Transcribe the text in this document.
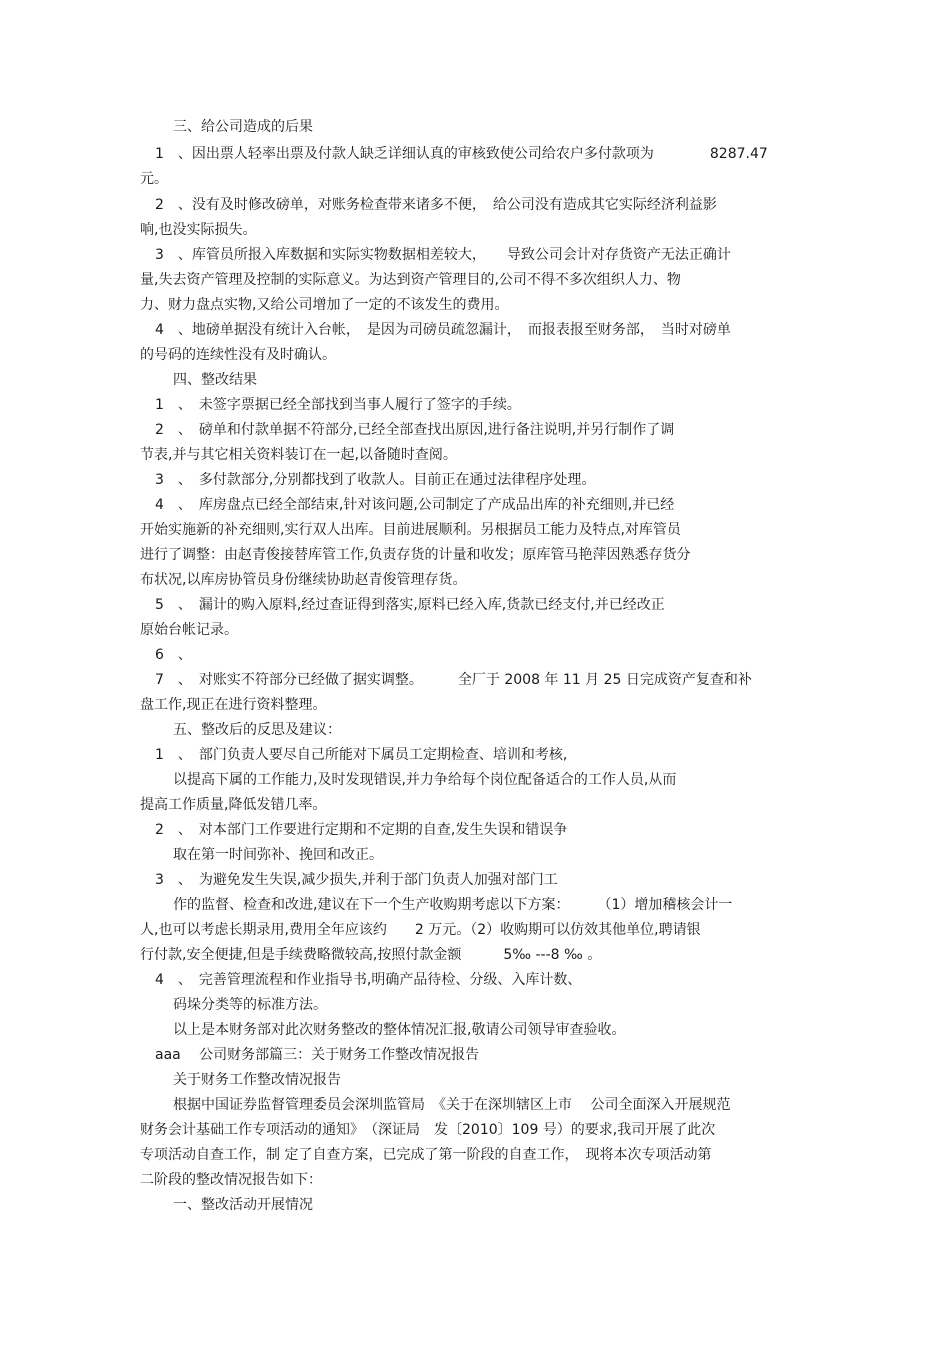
三、给公司造成的后果
1　、因出票人轻率出票及付款人缺乏详细认真的审核致使公司给农户多付款项为　　　　8287.47
元。
2　、没有及时修改磅单，对账务检查带来诸多不便，　给公司没有造成其它实际经济利益影
响,也没实际损失。
3　、库管员所报入库数据和实际实物数据相差较大，　　导致公司会计对存货资产无法正确计
量,失去资产管理及控制的实际意义。为达到资产管理目的,公司不得不多次组织人力、物
力、财力盘点实物,又给公司增加了一定的不该发生的费用。
4　、地磅单据没有统计入台帐，　是因为司磅员疏忽漏计，　而报表报至财务部，　当时对磅单
的号码的连续性没有及时确认。
四、整改结果
1　、　未签字票据已经全部找到当事人履行了签字的手续。
2　、　磅单和付款单据不符部分,已经全部查找出原因,进行备注说明,并另行制作了调
节表,并与其它相关资料装订在一起,以备随时查阅。
3　、　多付款部分,分别都找到了收款人。目前正在通过法律程序处理。
4　、　库房盘点已经全部结束,针对该问题,公司制定了产成品出库的补充细则,并已经
开始实施新的补充细则,实行双人出库。目前进展顺利。另根据员工能力及特点,对库管员
进行了调整：由赵青俊接替库管工作,负责存货的计量和收发；原库管马艳萍因熟悉存货分
布状况,以库房协管员身份继续协助赵青俊管理存货。
5　、　漏计的购入原料,经过查证得到落实,原料已经入库,货款已经支付,并已经改正
原始台帐记录。
6　、
7　、　对账实不符部分已经做了据实调整。　　　全厂于 2008 年 11 月 25 日完成资产复查和补
盘工作,现正在进行资料整理。
五、整改后的反思及建议：
1　、　部门负责人要尽自己所能对下属员工定期检查、培训和考核,
以提高下属的工作能力,及时发现错误,并力争给每个岗位配备适合的工作人员,从而
提高工作质量,降低发错几率。
2　、　对本部门工作要进行定期和不定期的自查,发生失误和错误争
取在第一时间弥补、挽回和改正。
3　、　为避免发生失误,减少损失,并利于部门负责人加强对部门工
作的监督、检查和改进,建议在下一个生产收购期考虑以下方案：　　　（1）增加稽核会计一
人,也可以考虑长期录用,费用全年应该约　　2 万元。（2）收购期可以仿效其他单位,聘请银
行付款,安全便捷,但是手续费略微较高,按照付款金额　　　5‰ ---8 ‰ 。
4　、　完善管理流程和作业指导书,明确产品待检、分级、入库计数、
码垛分类等的标准方法。
以上是本财务部对此次财务整改的整体情况汇报,敬请公司领导审查验收。
aaa　 公司财务部篇三：关于财务工作整改情况报告
关于财务工作整改情况报告
根据中国证券监督管理委员会深圳监管局　《关于在深圳辖区上市　 公司全面深入开展规范
财务会计基础工作专项活动的通知》　（深证局　发〔2010〕109 号）的要求,我司开展了此次
专项活动自查工作，制 定了自查方案，已完成了第一阶段的自查工作，　现将本次专项活动第
二阶段的整改情况报告如下：
一、整改活动开展情况
